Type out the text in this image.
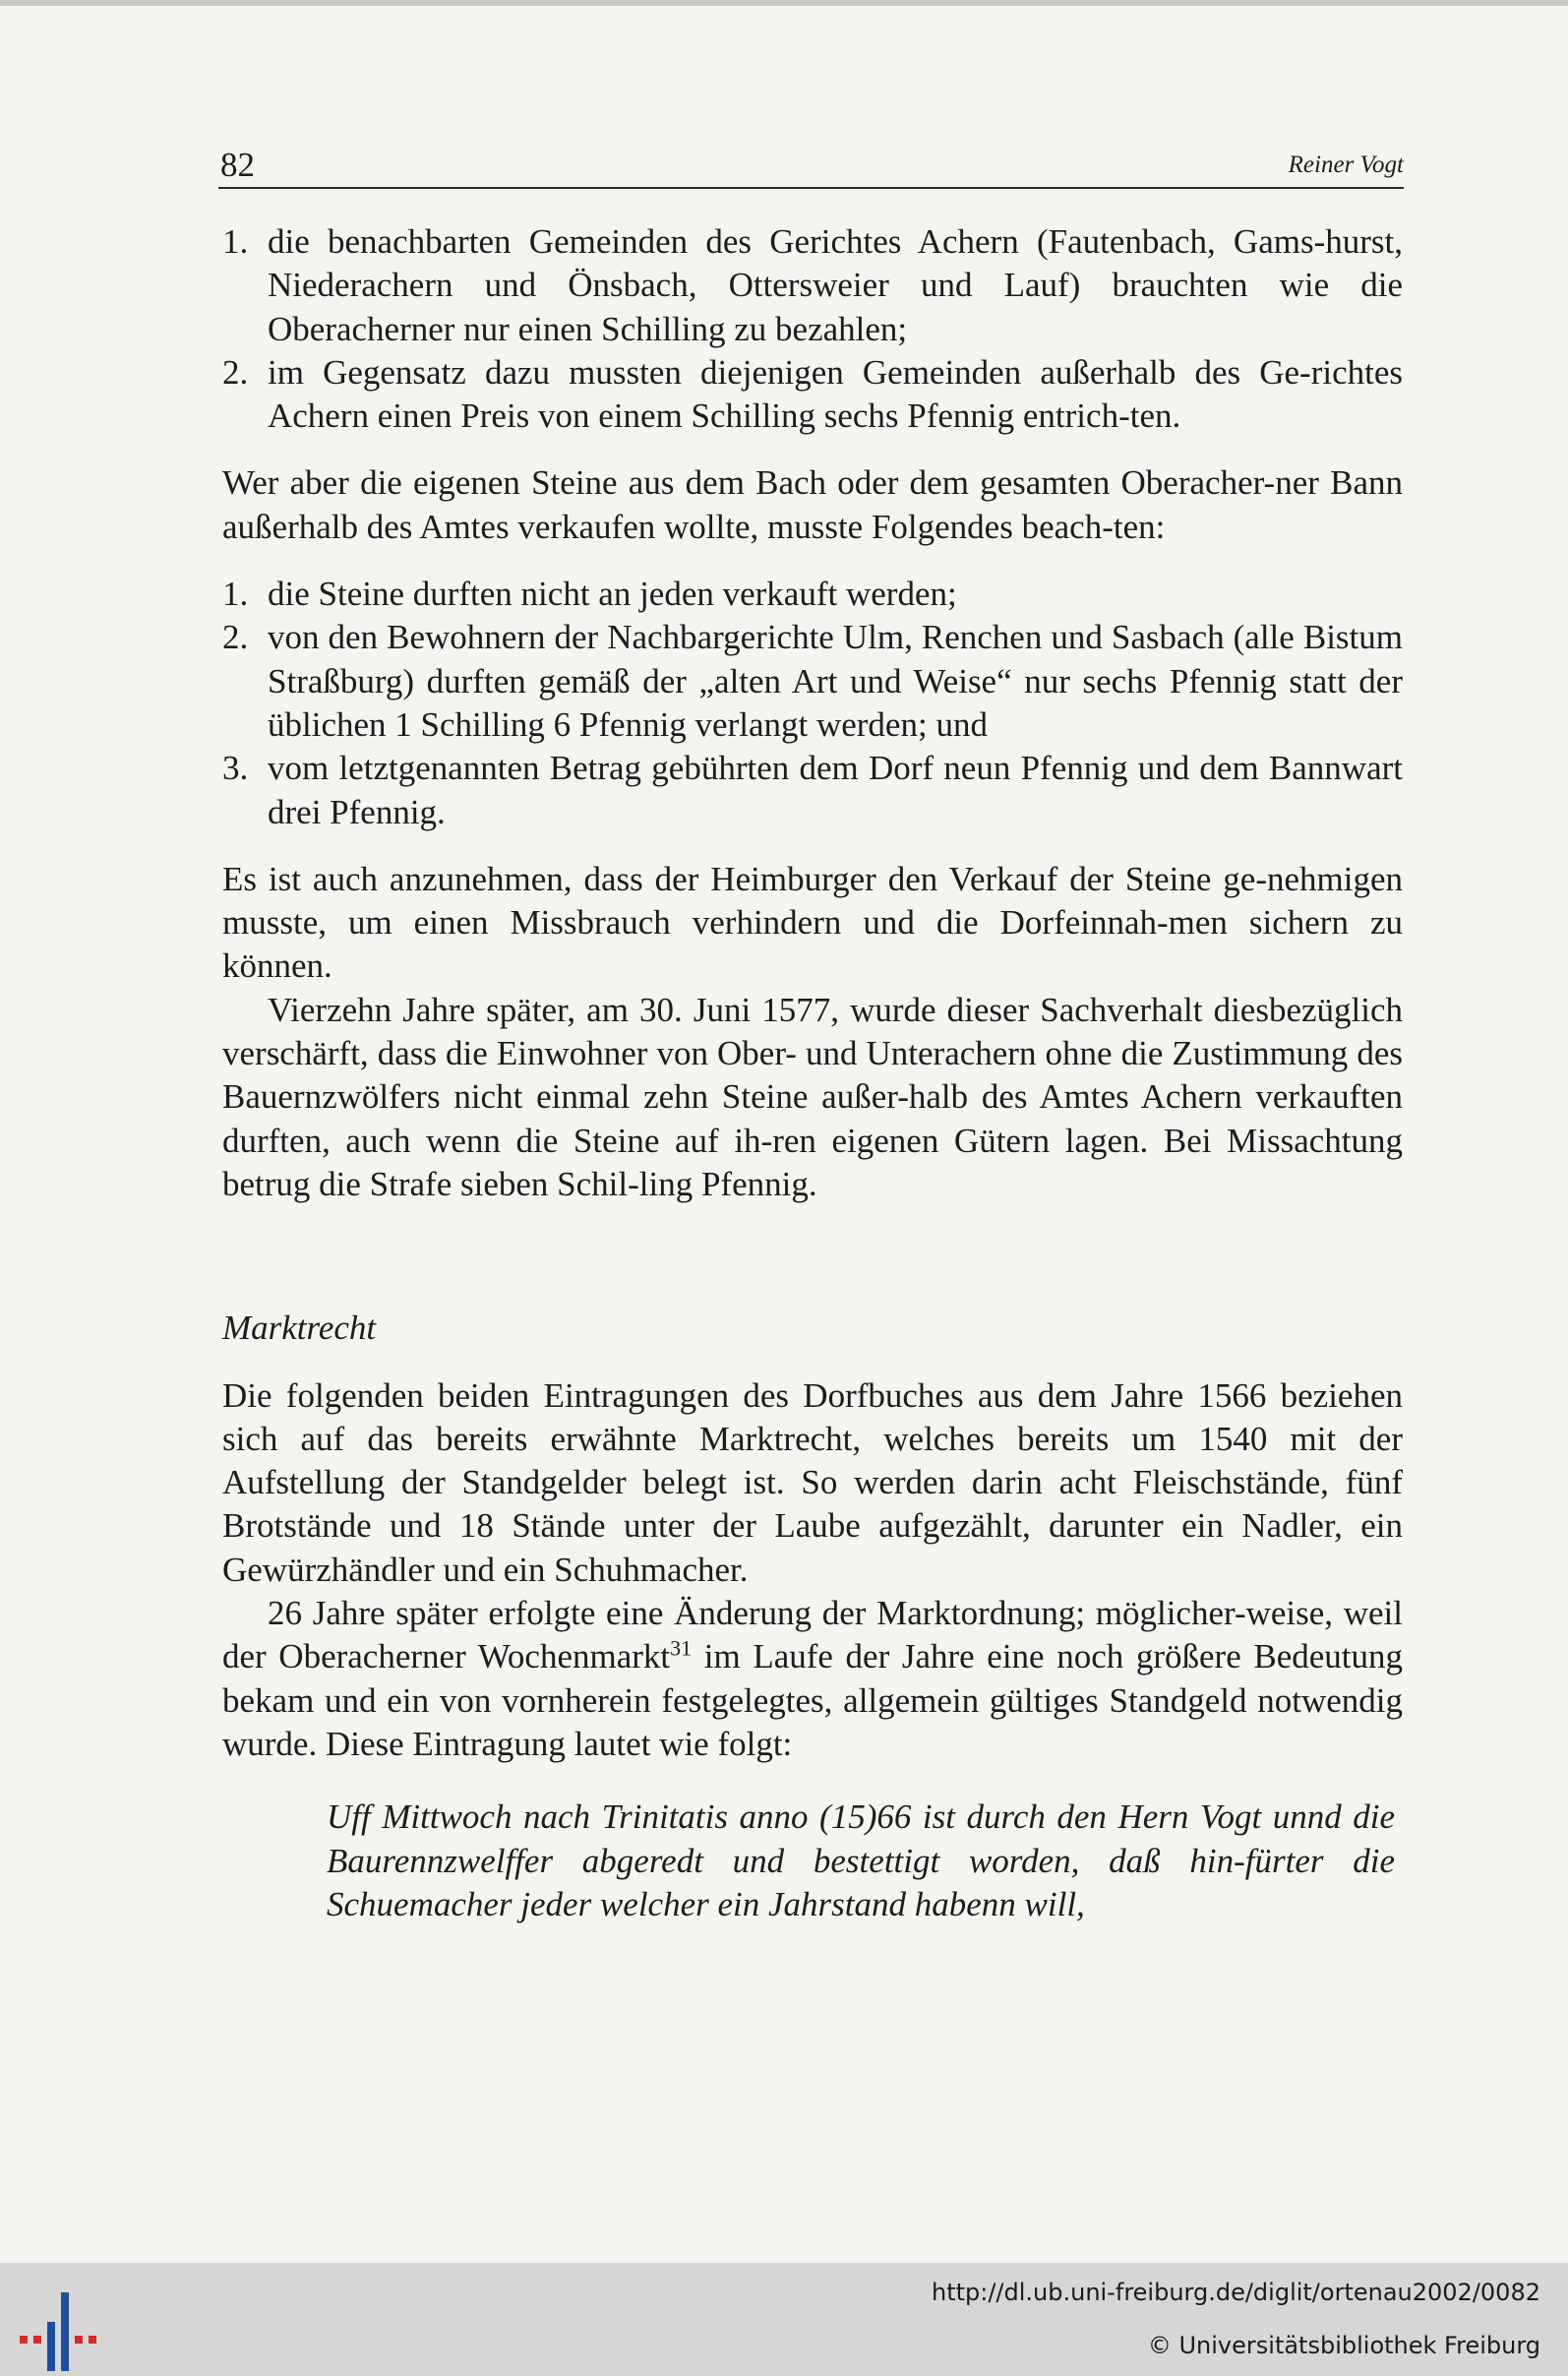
82	Reiner Vogt
1. die benachbarten Gemeinden des Gerichtes Achern (Fautenbach, Gams-hurst, Niederachern und Önsbach, Ottersweier und Lauf) brauchten wie die Oberacherner nur einen Schilling zu bezahlen;
2. im Gegensatz dazu mussten diejenigen Gemeinden außerhalb des Ge-richtes Achern einen Preis von einem Schilling sechs Pfennig entrich-ten.

Wer aber die eigenen Steine aus dem Bach oder dem gesamten Oberacher-ner Bann außerhalb des Amtes verkaufen wollte, musste Folgendes beach-ten:

1. die Steine durften nicht an jeden verkauft werden;
2. von den Bewohnern der Nachbargerichte Ulm, Renchen und Sasbach (alle Bistum Straßburg) durften gemäß der „alten Art und Weise“ nur sechs Pfennig statt der üblichen 1 Schilling 6 Pfennig verlangt werden; und
3. vom letztgenannten Betrag gebührten dem Dorf neun Pfennig und dem Bannwart drei Pfennig.

Es ist auch anzunehmen, dass der Heimburger den Verkauf der Steine ge-nehmigen musste, um einen Missbrauch verhindern und die Dorfeinnah-men sichern zu können.

Vierzehn Jahre später, am 30. Juni 1577, wurde dieser Sachverhalt diesbezüglich verschärft, dass die Einwohner von Ober- und Unterachern ohne die Zustimmung des Bauernzwölfers nicht einmal zehn Steine außer-halb des Amtes Achern verkauften durften, auch wenn die Steine auf ih-ren eigenen Gütern lagen. Bei Missachtung betrug die Strafe sieben Schil-ling Pfennig.

Marktrecht

Die folgenden beiden Eintragungen des Dorfbuches aus dem Jahre 1566 beziehen sich auf das bereits erwähnte Marktrecht, welches bereits um 1540 mit der Aufstellung der Standgelder belegt ist. So werden darin acht Fleischstände, fünf Brotstände und 18 Stände unter der Laube aufgezählt, darunter ein Nadler, ein Gewürzhändler und ein Schuhmacher.

26 Jahre später erfolgte eine Änderung der Marktordnung; möglicher-weise, weil der Oberacherner Wochenmarkt$^{31}$ im Laufe der Jahre eine noch größere Bedeutung bekam und ein von vornherein festgelegtes, allgemein gültiges Standgeld notwendig wurde. Diese Eintragung lautet wie folgt:

Uff Mittwoch nach Trinitatis anno (15)66 ist durch den Hern Vogt unnd die Baurennzwelffer abgeredt und bestettigt worden, daß hin-fürter die Schuemacher jeder welcher ein Jahrstand habenn will,

http://dl.ub.uni-freiburg.de/diglit/ortenau2002/0082
© Universitätsbibliothek Freiburg
